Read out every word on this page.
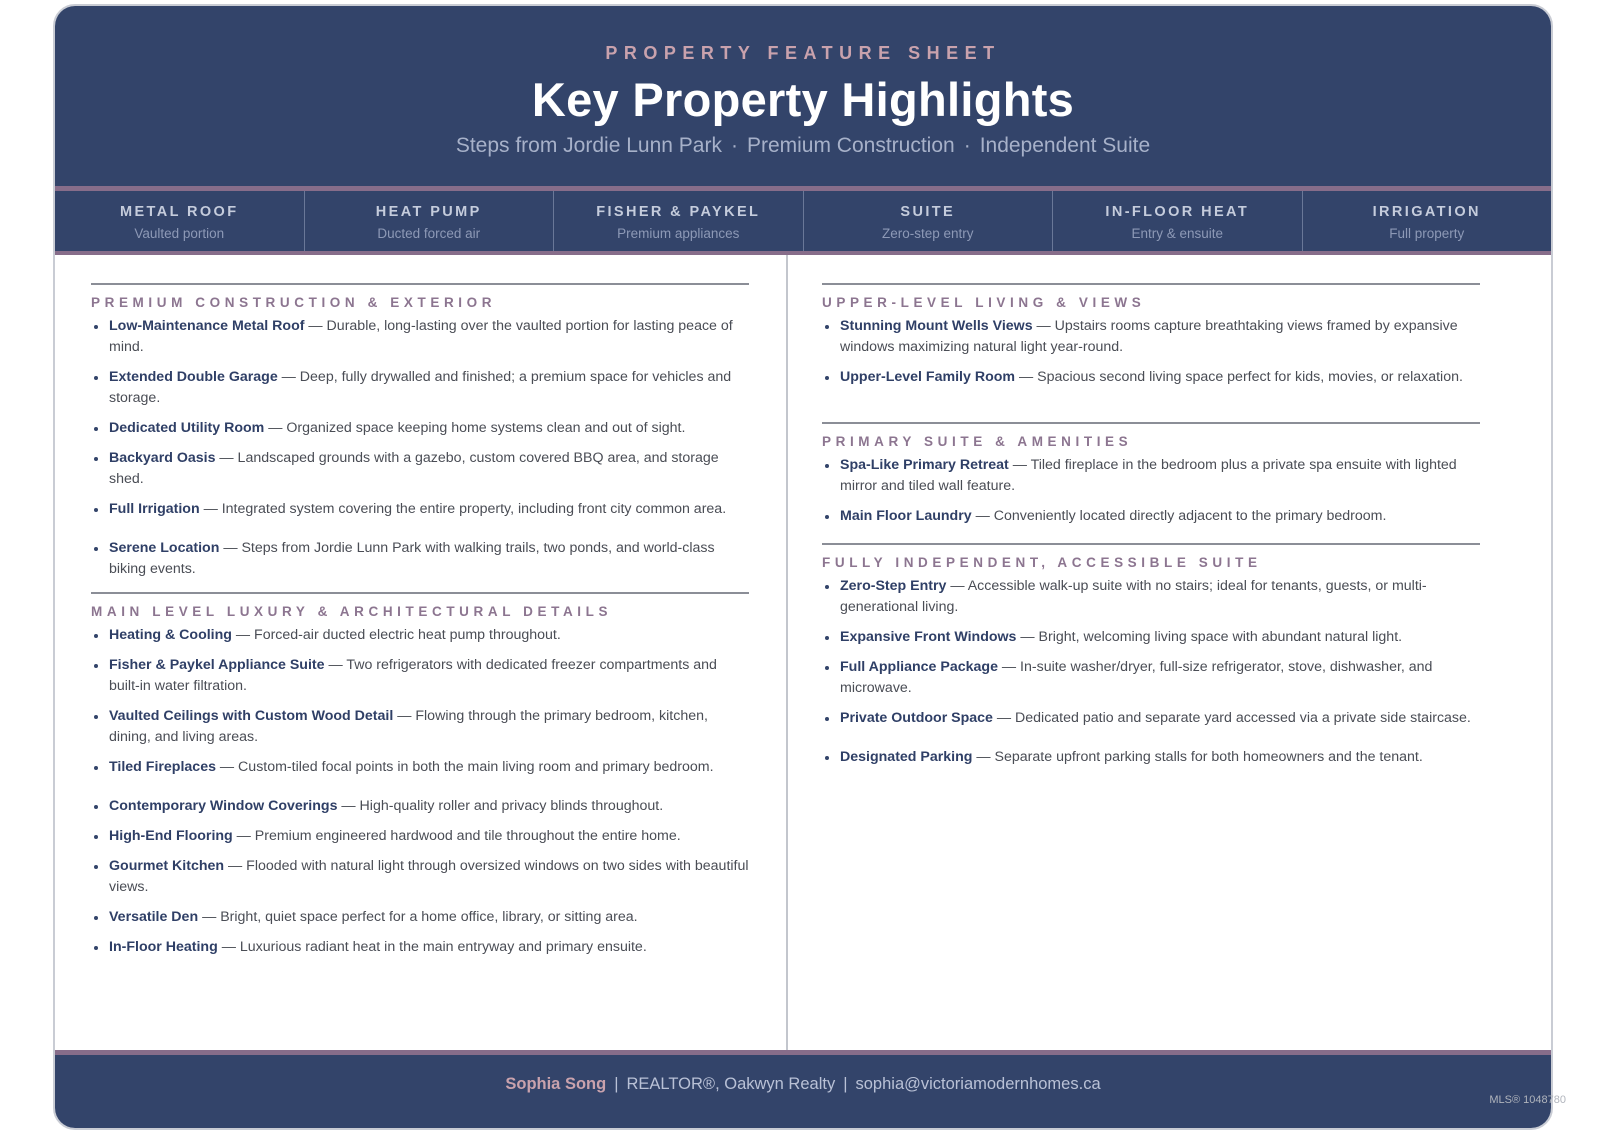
PROPERTY FEATURE SHEET
Key Property Highlights
Steps from Jordie Lunn Park · Premium Construction · Independent Suite
METAL ROOF
Vaulted portion
HEAT PUMP
Ducted forced air
FISHER & PAYKEL
Premium appliances
SUITE
Zero-step entry
IN-FLOOR HEAT
Entry & ensuite
IRRIGATION
Full property
PREMIUM CONSTRUCTION & EXTERIOR
Low-Maintenance Metal Roof — Durable, long-lasting over the vaulted portion for lasting peace of mind.
Extended Double Garage — Deep, fully drywalled and finished; a premium space for vehicles and storage.
Dedicated Utility Room — Organized space keeping home systems clean and out of sight.
Backyard Oasis — Landscaped grounds with a gazebo, custom covered BBQ area, and storage shed.
Full Irrigation — Integrated system covering the entire property, including front city common area.
Serene Location — Steps from Jordie Lunn Park with walking trails, two ponds, and world-class biking events.
MAIN LEVEL LUXURY & ARCHITECTURAL DETAILS
Heating & Cooling — Forced-air ducted electric heat pump throughout.
Fisher & Paykel Appliance Suite — Two refrigerators with dedicated freezer compartments and built-in water filtration.
Vaulted Ceilings with Custom Wood Detail — Flowing through the primary bedroom, kitchen, dining, and living areas.
Tiled Fireplaces — Custom-tiled focal points in both the main living room and primary bedroom.
Contemporary Window Coverings — High-quality roller and privacy blinds throughout.
High-End Flooring — Premium engineered hardwood and tile throughout the entire home.
Gourmet Kitchen — Flooded with natural light through oversized windows on two sides with beautiful views.
Versatile Den — Bright, quiet space perfect for a home office, library, or sitting area.
In-Floor Heating — Luxurious radiant heat in the main entryway and primary ensuite.
UPPER-LEVEL LIVING & VIEWS
Stunning Mount Wells Views — Upstairs rooms capture breathtaking views framed by expansive windows maximizing natural light year-round.
Upper-Level Family Room — Spacious second living space perfect for kids, movies, or relaxation.
PRIMARY SUITE & AMENITIES
Spa-Like Primary Retreat — Tiled fireplace in the bedroom plus a private spa ensuite with lighted mirror and tiled wall feature.
Main Floor Laundry — Conveniently located directly adjacent to the primary bedroom.
FULLY INDEPENDENT, ACCESSIBLE SUITE
Zero-Step Entry — Accessible walk-up suite with no stairs; ideal for tenants, guests, or multi-generational living.
Expansive Front Windows — Bright, welcoming living space with abundant natural light.
Full Appliance Package — In-suite washer/dryer, full-size refrigerator, stove, dishwasher, and microwave.
Private Outdoor Space — Dedicated patio and separate yard accessed via a private side staircase.
Designated Parking — Separate upfront parking stalls for both homeowners and the tenant.
Sophia Song | REALTOR®, Oakwyn Realty | sophia@victoriamodernhomes.ca
MLS® 1048780
